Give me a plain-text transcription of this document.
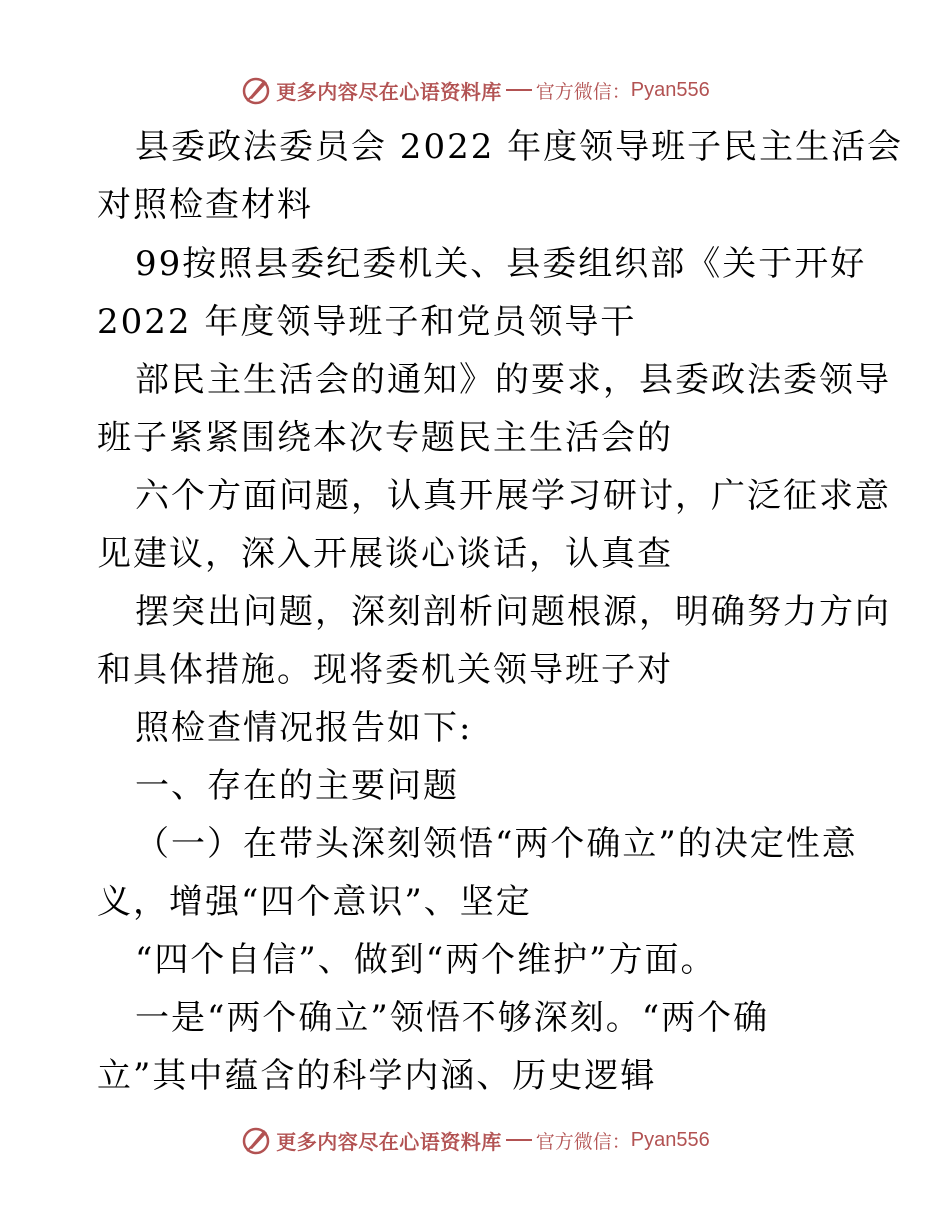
更多内容尽在心语资料库 官方微信： Pyan556
县委政法委员会 2022 年度领导班子民主生活会
对照检查材料
99按照县委纪委机关、县委组织部《关于开好
2022 年度领导班子和党员领导干
部民主生活会的通知》的要求，县委政法委领导
班子紧紧围绕本次专题民主生活会的
六个方面问题，认真开展学习研讨，广泛征求意
见建议，深入开展谈心谈话，认真查
摆突出问题，深刻剖析问题根源，明确努力方向
和具体措施。现将委机关领导班子对
照检查情况报告如下:
一、存在的主要问题
（一）在带头深刻领悟“两个确立”的决定性意
义，增强“四个意识”、坚定
“四个自信”、做到“两个维护”方面。
一是“两个确立”领悟不够深刻。“两个确
立”其中蕴含的科学内涵、历史逻辑
更多内容尽在心语资料库 官方微信： Pyan556
